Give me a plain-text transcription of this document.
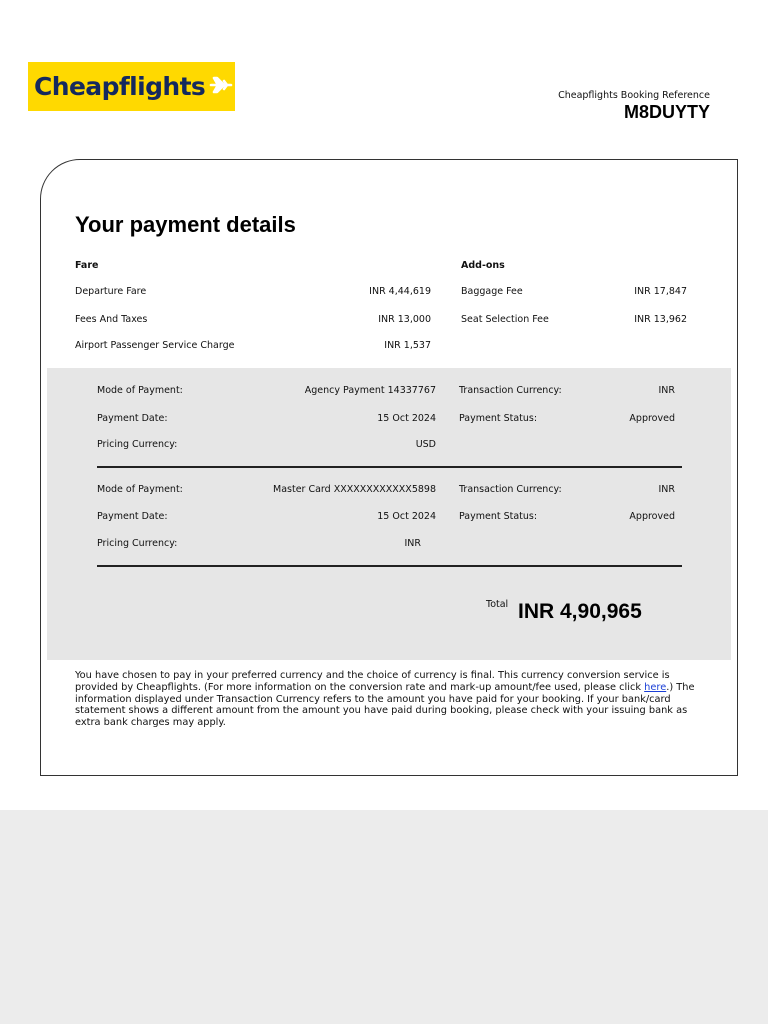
Cheapflights	Cheapflights Booking Reference
M8DUYTY
Your payment details
Fare
Departure Fare	INR 4,44,619
Fees And Taxes	INR 13,000
Airport Passenger Service Charge	INR 1,537
Add-ons
Baggage Fee	INR 17,847
Seat Selection Fee	INR 13,962
Mode of Payment:	Agency Payment 14337767 Transaction Currency:	INR
Payment Date:	15 Oct 2024 Payment Status:	Approved
Pricing Currency:	USD
Mode of Payment:	Master Card XXXXXXXXXXXX5898 Transaction Currency:	INR
Payment Date:	15 Oct 2024 Payment Status:	Approved
Pricing Currency:	INR
Total INR 4,90,965
You have chosen to pay in your preferred currency and the choice of currency is final. This currency conversion service is provided by Cheapflights. (For more information on the conversion rate and mark-up amount/fee used, please click here.) The information displayed under Transaction Currency refers to the amount you have paid for your booking. If your bank/card statement shows a different amount from the amount you have paid during booking, please check with your issuing bank as extra bank charges may apply.
